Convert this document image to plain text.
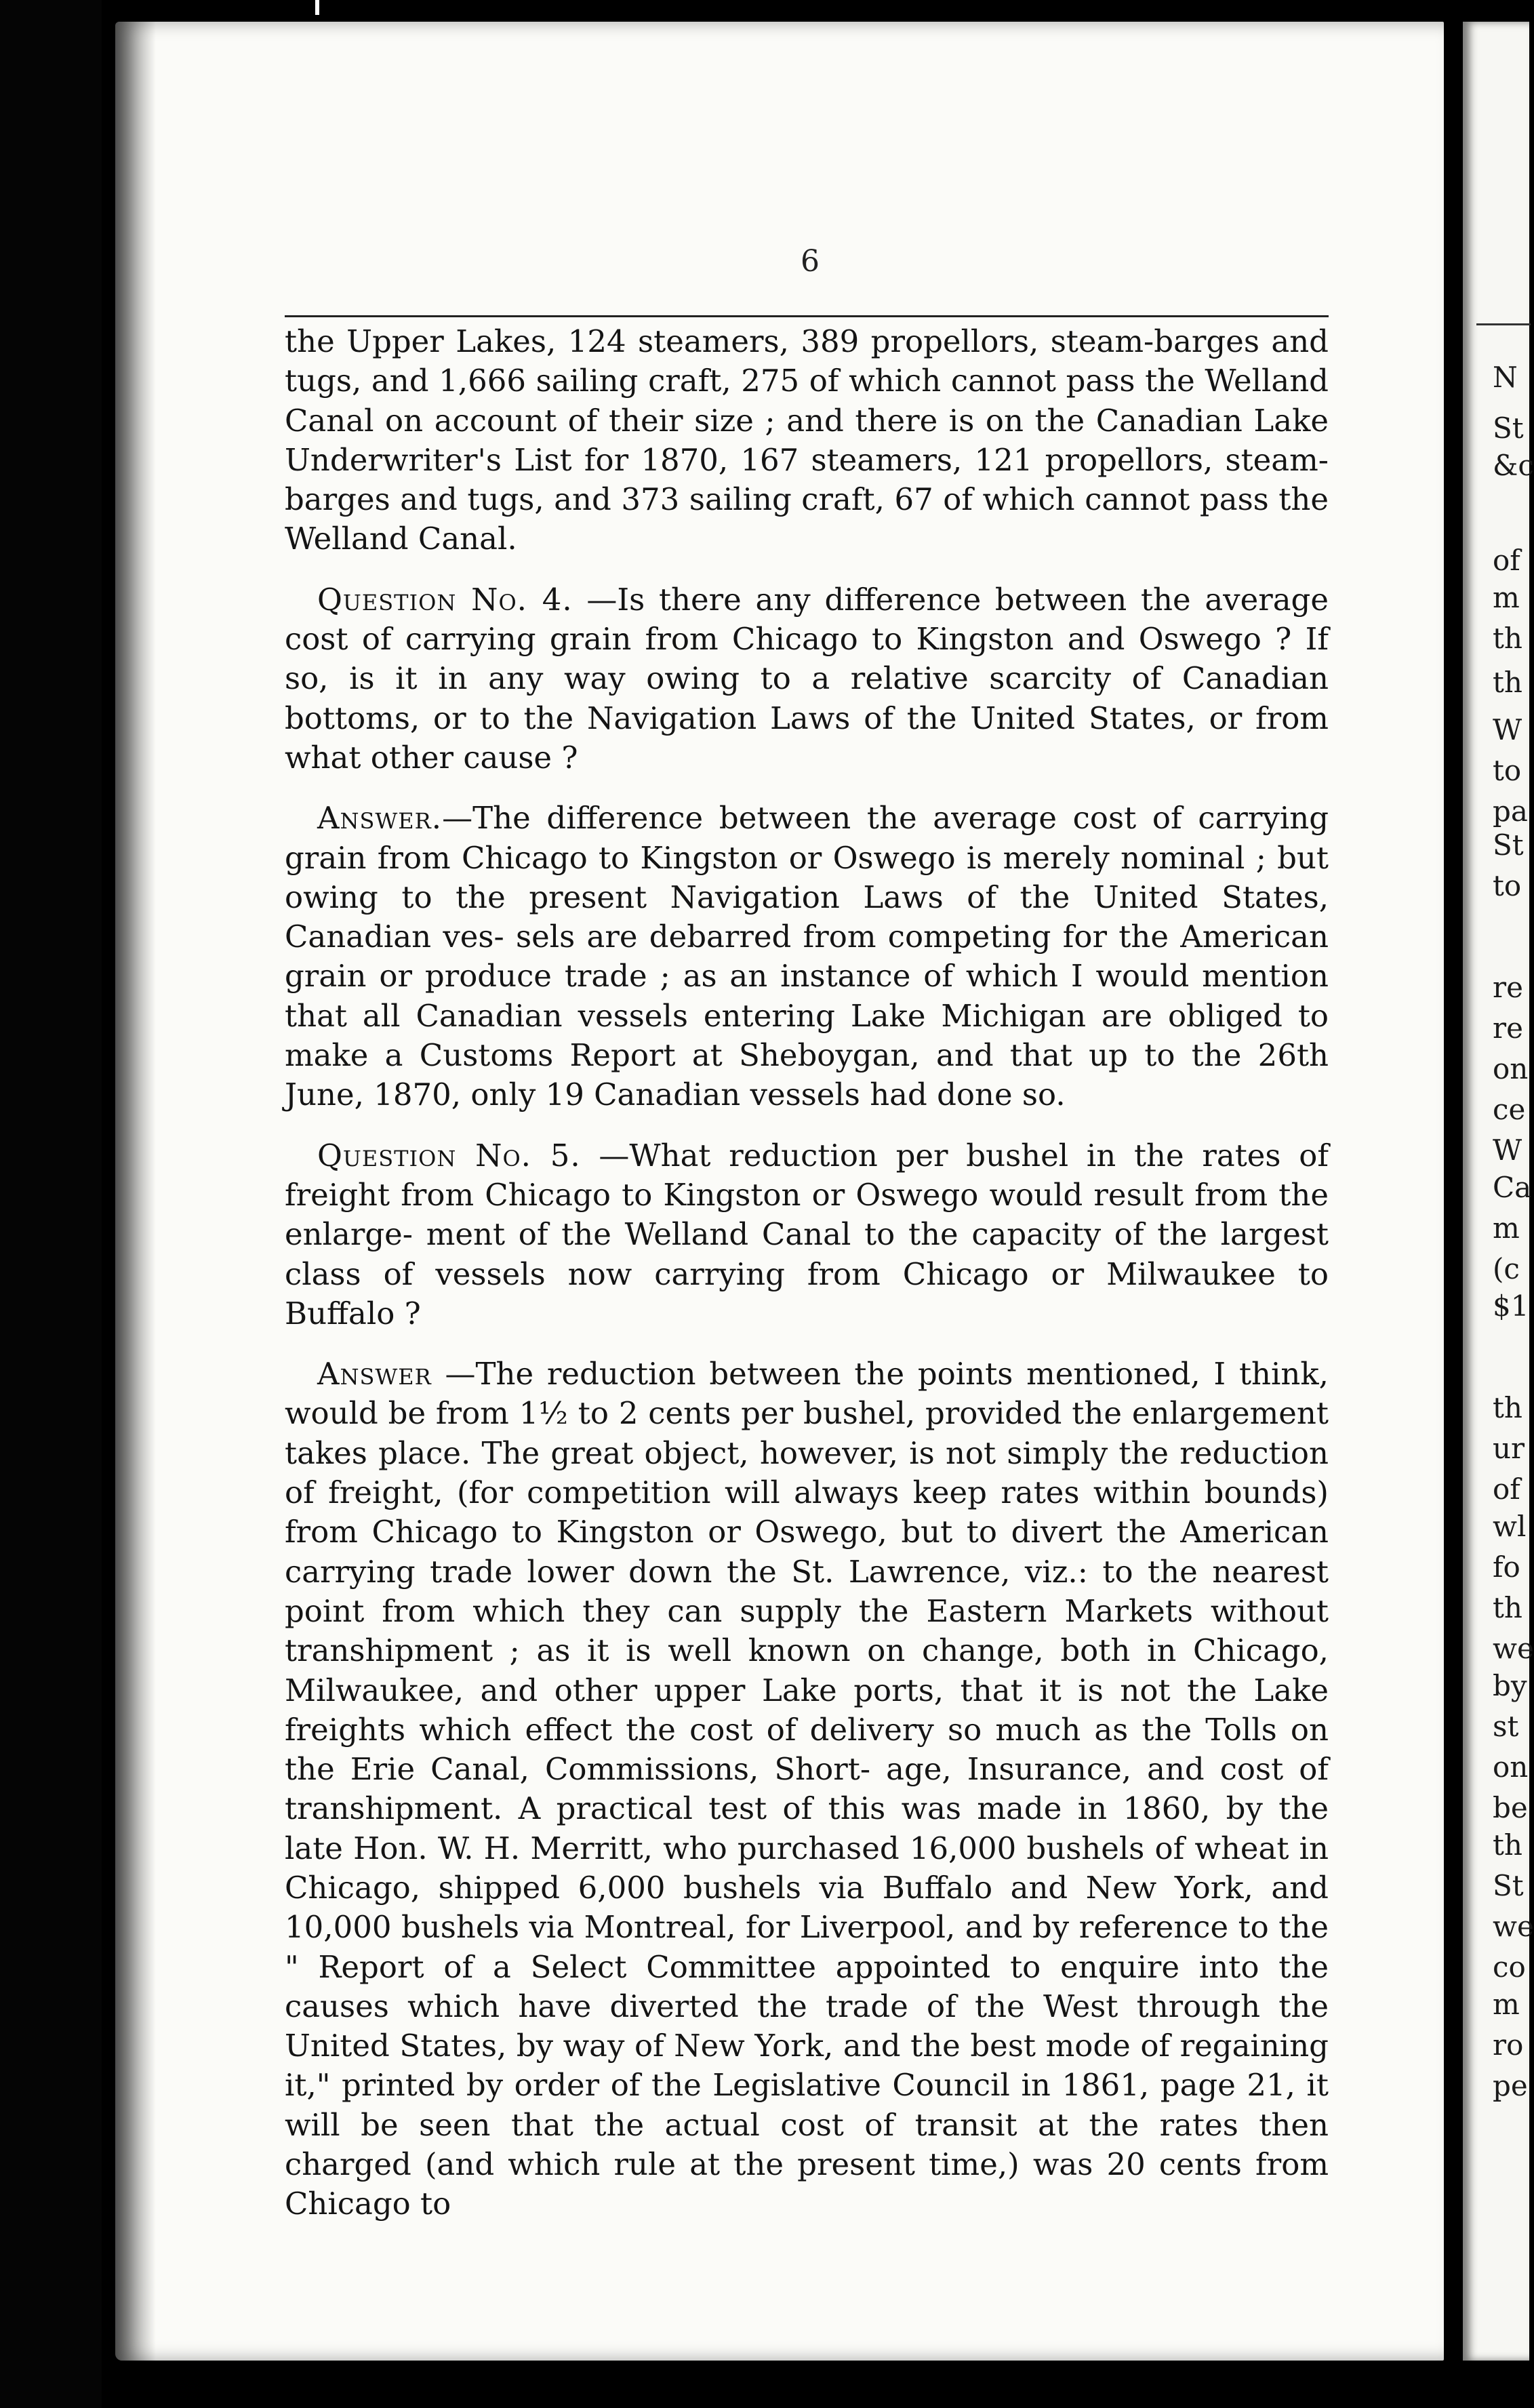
6

the Upper Lakes, 124 steamers, 389 propellors, steam-barges and tugs, and 1,666 sailing craft, 275 of which cannot pass the Welland Canal on account of their size ; and there is on the Canadian Lake Underwriter's List for 1870, 167 steamers, 121 propellors, steam-barges and tugs, and 373 sailing craft, 67 of which cannot pass the Welland Canal.

Question No. 4. —Is there any difference between the average cost of carrying grain from Chicago to Kingston and Oswego ? If so, is it in any way owing to a relative scarcity of Canadian bottoms, or to the Navigation Laws of the United States, or from what other cause ?

Answer.—The difference between the average cost of carrying grain from Chicago to Kingston or Oswego is merely nominal ; but owing to the present Navigation Laws of the United States, Canadian ves- sels are debarred from competing for the American grain or produce trade ; as an instance of which I would mention that all Canadian vessels entering Lake Michigan are obliged to make a Customs Report at Sheboygan, and that up to the 26th June, 1870, only 19 Canadian vessels had done so.

Question No. 5. —What reduction per bushel in the rates of freight from Chicago to Kingston or Oswego would result from the enlarge- ment of the Welland Canal to the capacity of the largest class of vessels now carrying from Chicago or Milwaukee to Buffalo ?

Answer —The reduction between the points mentioned, I think, would be from 1½ to 2 cents per bushel, provided the enlargement takes place. The great object, however, is not simply the reduction of freight, (for competition will always keep rates within bounds) from Chicago to Kingston or Oswego, but to divert the American carrying trade lower down the St. Lawrence, viz.: to the nearest point from which they can supply the Eastern Markets without transhipment ; as it is well known on change, both in Chicago, Milwaukee, and other upper Lake ports, that it is not the Lake freights which effect the cost of delivery so much as the Tolls on the Erie Canal, Commissions, Short- age, Insurance, and cost of transhipment. A practical test of this was made in 1860, by the late Hon. W. H. Merritt, who purchased 16,000 bushels of wheat in Chicago, shipped 6,000 bushels via Buffalo and New York, and 10,000 bushels via Montreal, for Liverpool, and by reference to the " Report of a Select Committee appointed to enquire into the causes which have diverted the trade of the West through the United States, by way of New York, and the best mode of regaining it," printed by order of the Legislative Council in 1861, page 21, it will be seen that the actual cost of transit at the rates then charged (and which rule at the present time,) was 20 cents from Chicago to

N
St
&c
of
m
th
th
W
to
pa
St
to
re
re
on
ce
W
Ca
m
(c
$1
th
ur
of
wl
fo
th
we
by
st
on
be
th
St
we
co
m
ro
pe
